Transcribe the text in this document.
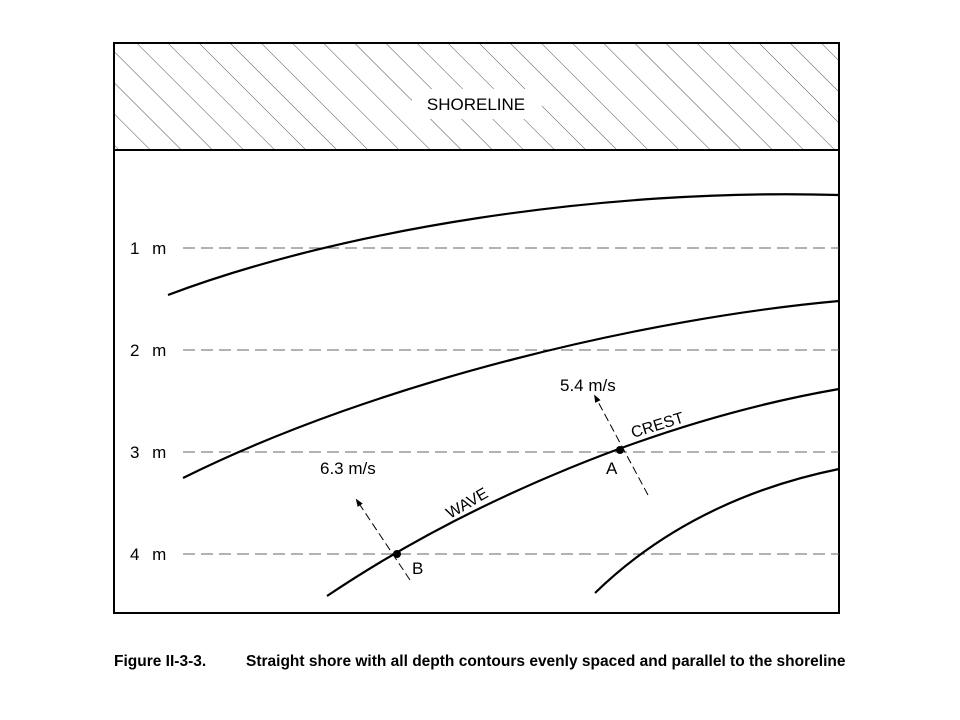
SHORELINE
1 m
2 m
3 m
4 m
A
B
5.4 m/s
6.3 m/s
WAVE
CREST
Figure II-3-3.	Straight shore with all depth contours evenly spaced and parallel to the shoreline
